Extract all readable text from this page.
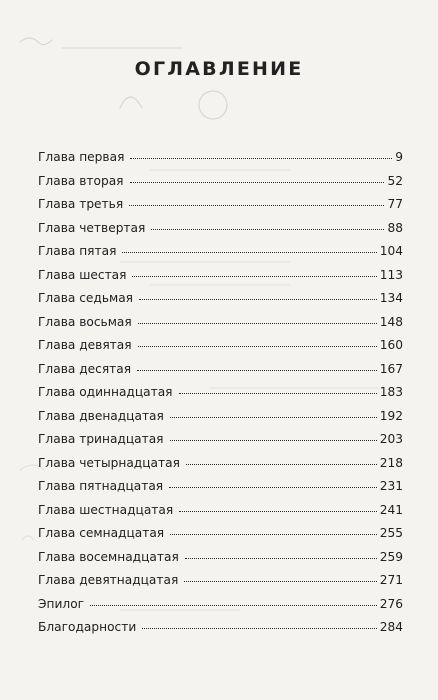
ОГЛАВЛЕНИЕ
Глава первая	9
Глава вторая	52
Глава третья	77
Глава четвертая	88
Глава пятая	104
Глава шестая	113
Глава седьмая	134
Глава восьмая	148
Глава девятая	160
Глава десятая	167
Глава одиннадцатая	183
Глава двенадцатая	192
Глава тринадцатая	203
Глава четырнадцатая	218
Глава пятнадцатая	231
Глава шестнадцатая	241
Глава семнадцатая	255
Глава восемнадцатая	259
Глава девятнадцатая	271
Эпилог	276
Благодарности	284
